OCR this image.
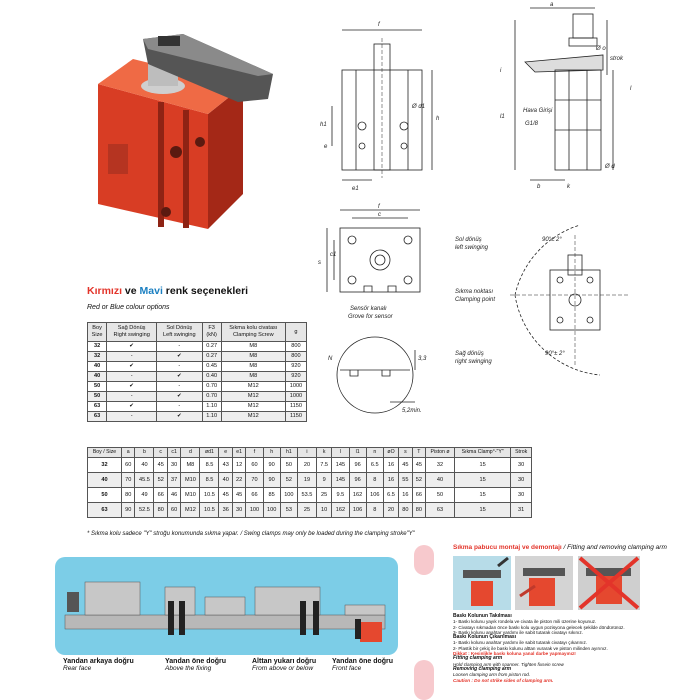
f
e1
h
h1
Ø d1
e
a
Ø o
strok
i
l1
l
Hava Girişi
G1/8
b	k
Ø d
f
c
s
c1
Sensör kanalı
Grove for sensor
N	3,3
5,2min.
Sol dönüş
left swinging
Sıkma noktası
Clamping point
Sağ dönüş
right swinging
90°± 2°
90°± 2°
Kırmızı ve Mavi renk seçenekleri
Red or Blue colour options
Boy
Size	Sağ Dönüş
Right swinging	Sol Dönüş
Left swinging	F3
(kN)	Sıkma kolu civatası
Clamping Screw	g
32	✔	-	0.27	M8	800
32	-	✔	0.27	M8	800
40	✔	-	0.45	M8	920
40	-	✔	0.40	M8	920
50	✔	-	0.70	M12	1000
50	-	✔	0.70	M12	1000
63	✔	-	1.10	M12	1150
63	-	✔	1.10	M12	1150
Boy / Size	a	b	c	c1	d	ød1	e	e1	f	h	h1	i	k	l	l1	n	øO	s	T	Piston ø	Sıkma Clamp°-"Y"	Strok
32	60	40	45	30	M8	8.5	43	12	60	90	50	20	7.5	145	96	6.5	16	45	45	32	15	30
40	70	45.5	52	37	M10	8.5	40	22	70	90	52	19	9	145	96	8	16	55	52	40	15	30
50	80	49	66	46	M10	10.5	45	45	66	85	100	53.5	25	9.5	162	106	6.5	16	66	50	15	30
63	90	52.5	80	60	M12	10.5	36	30	100	100	53	25	10	162	106	8	20	80	80	63	15	31
* Sıkma kolu sadece "Y" stroğu konumunda sıkma yapar. / Swing clamps may only be loaded during the clamping stroke"Y"
Yandan arkaya doğru
Rear face
Yandan öne doğru
Above the fixing
Alttan yukarı doğru
From above or below
Yandan öne doğru
Front face
Sıkma pabucu montaj ve demontajı / Fitting and removing clamping arm
Baskı Kolunun Takılması
1- Baskı kolunu yayık rondela ve civata ile piston mili üzerine koyunuz.
2- Civatayı sıkmadan önce baskı kolu uygun pozisyona gelecek şekilde döndürünüz.
3- Baskı kolunu anahtar yardımı ile sabit tutarak civatayı sıkınız.
Baskı Kolunun Çıkarılması
1- Baskı kolunu anahtar yardımı ile sabit tutarak civatayı çıkarınız.
2- Plastik bir çekiç ile baskı kolunu alttan vurarak ve piston milinden ayırınız.
Dikkat : Kesinlikle baskı koluna yanal darbe yapmayınız!
Fitting clamping arm
Hold clamping arm with spanner. Tighten fixsein screw
Removing clamping arm
Loosen clamping arm from piston rod.
Caution : Do not strike sides of clamping arm.
